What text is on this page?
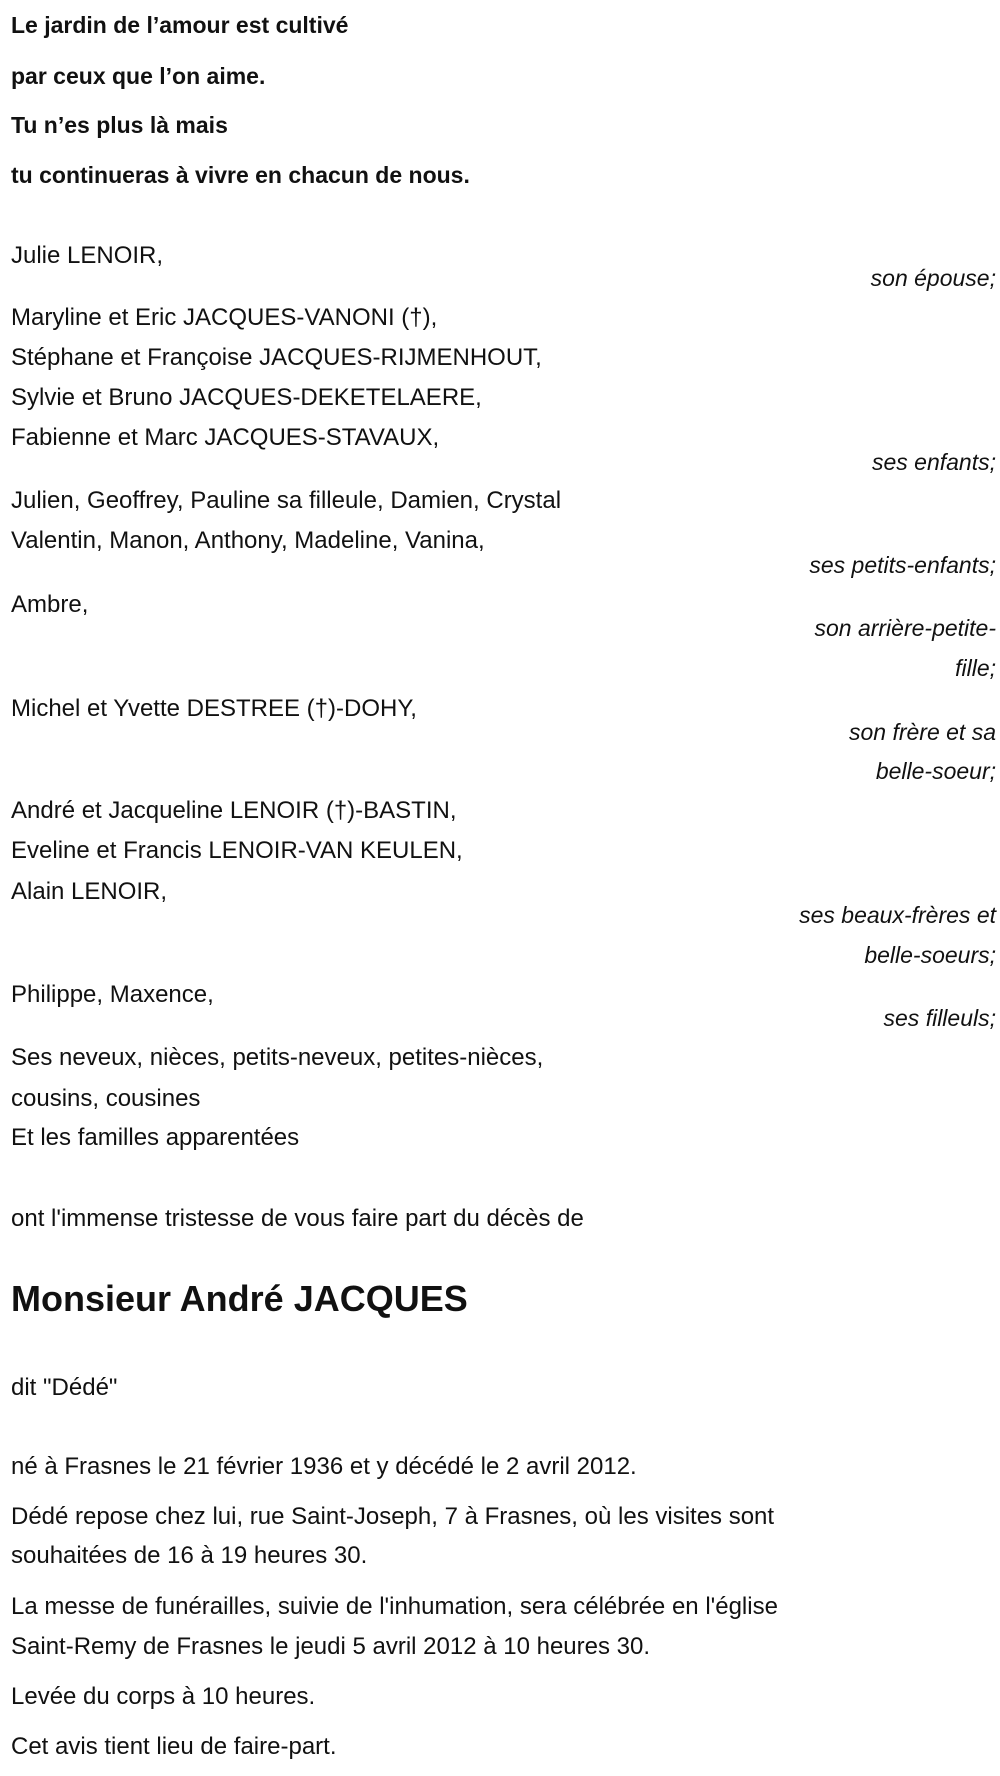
Le jardin de l’amour est cultivé
par ceux que l’on aime.
Tu n’es plus là mais
tu continueras à vivre en chacun de nous.
Julie LENOIR,
son épouse;
Maryline et Eric JACQUES-VANONI (†),
Stéphane et Françoise JACQUES-RIJMENHOUT,
Sylvie et Bruno JACQUES-DEKETELAERE,
Fabienne et Marc JACQUES-STAVAUX,
ses enfants;
Julien, Geoffrey, Pauline sa filleule, Damien, Crystal
Valentin, Manon, Anthony, Madeline, Vanina,
ses petits-enfants;
Ambre,
son arrière-petite-
fille;
Michel et Yvette DESTREE (†)-DOHY,
son frère et sa
belle-soeur;
André et Jacqueline LENOIR (†)-BASTIN,
Eveline et Francis LENOIR-VAN KEULEN,
Alain LENOIR,
ses beaux-frères et
belle-soeurs;
Philippe, Maxence,
ses filleuls;
Ses neveux, nièces, petits-neveux, petites-nièces,
cousins, cousines
Et les familles apparentées
ont l'immense tristesse de vous faire part du décès de
Monsieur André JACQUES
dit "Dédé"
né à Frasnes le 21 février 1936 et y décédé le 2 avril 2012.
Dédé repose chez lui, rue Saint-Joseph, 7 à Frasnes, où les visites sont
souhaitées de 16 à 19 heures 30.
La messe de funérailles, suivie de l'inhumation, sera célébrée en l'église
Saint-Remy de Frasnes le jeudi 5 avril 2012 à 10 heures 30.
Levée du corps à 10 heures.
Cet avis tient lieu de faire-part.
